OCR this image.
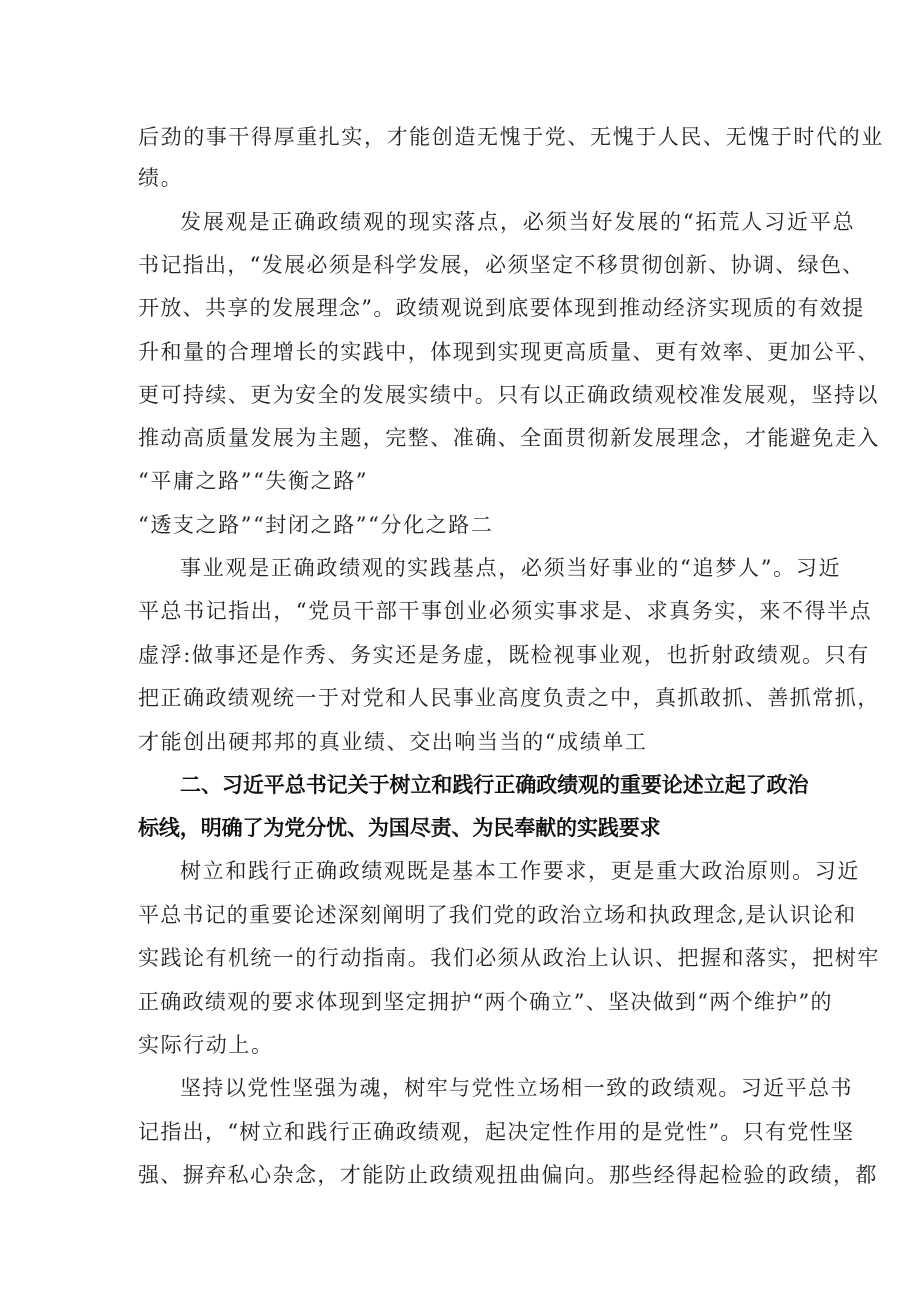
后劲的事干得厚重扎实，才能创造无愧于党、无愧于人民、无愧于时代的业
绩。
发展观是正确政绩观的现实落点，必须当好发展的“拓荒人习近平总
书记指出，“发展必须是科学发展，必须坚定不移贯彻创新、协调、绿色、
开放、共享的发展理念”。政绩观说到底要体现到推动经济实现质的有效提
升和量的合理增长的实践中，体现到实现更高质量、更有效率、更加公平、
更可持续、更为安全的发展实绩中。只有以正确政绩观校准发展观，坚持以
推动高质量发展为主题，完整、准确、全面贯彻新发展理念，才能避免走入
“平庸之路”“失衡之路”
“透支之路”“封闭之路”“分化之路二
事业观是正确政绩观的实践基点，必须当好事业的“追梦人”。习近
平总书记指出，“党员干部干事创业必须实事求是、求真务实，来不得半点
虚浮:做事还是作秀、务实还是务虚，既检视事业观，也折射政绩观。只有
把正确政绩观统一于对党和人民事业高度负责之中，真抓敢抓、善抓常抓，
才能创出硬邦邦的真业绩、交出响当当的“成绩单工
二、习近平总书记关于树立和践行正确政绩观的重要论述立起了政治
标线，明确了为党分忧、为国尽责、为民奉献的实践要求
树立和践行正确政绩观既是基本工作要求，更是重大政治原则。习近
平总书记的重要论述深刻阐明了我们党的政治立场和执政理念,是认识论和
实践论有机统一的行动指南。我们必须从政治上认识、把握和落实，把树牢
正确政绩观的要求体现到坚定拥护“两个确立”、坚决做到“两个维护”的
实际行动上。
坚持以党性坚强为魂，树牢与党性立场相一致的政绩观。习近平总书
记指出，“树立和践行正确政绩观，起决定性作用的是党性”。只有党性坚
强、摒弃私心杂念，才能防止政绩观扭曲偏向。那些经得起检验的政绩，都
